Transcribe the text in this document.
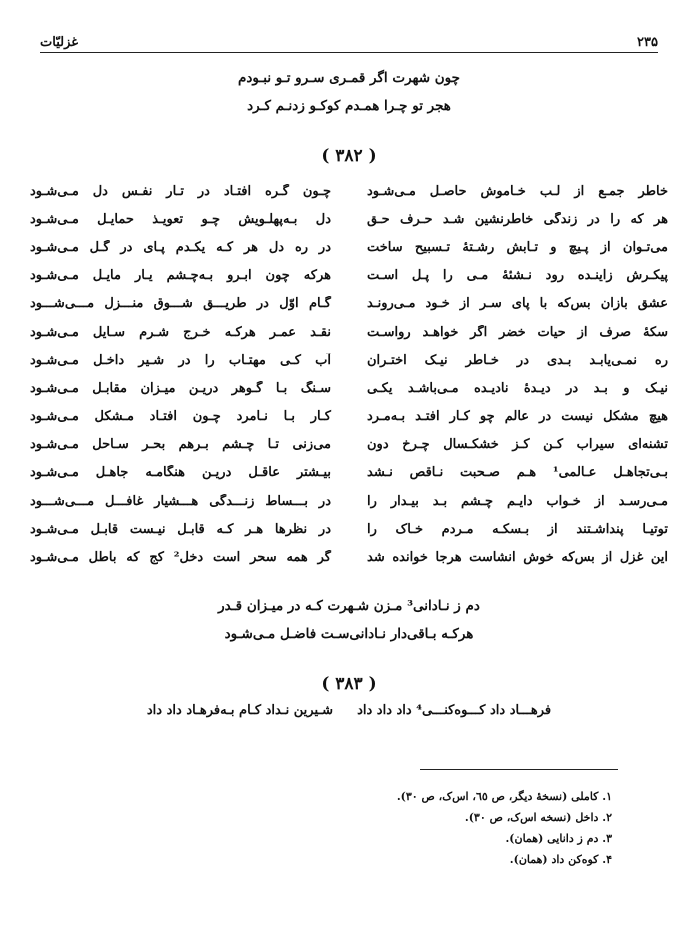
۲۳۵
غزلیّات
چون شهرت اگر قمـری سـرو تـو نبـودم
هجر تو چـرا همـدم کوکـو زدنـم کـرد
( ۳۸۲ )
خاطر جمـع از لـب خـاموش حاصـل مـی‌شـود
چـون گـره افتـاد در تـار نفـس دل مـی‌شـود
هر که را در زندگی خاطرنشین شـد حـرف حـق
دل بـه‌پهلـویش چـو تعویـذ حمایـل مـی‌شـود
می‌تـوان از پـیچ و تـابش رشـتۀ تـسبیح ساخت
در ره دل هر کـه یکـدم پـای در گـل مـی‌شـود
پیکـرش زاینـده رود نـشئۀ مـی را پـل اسـت
هرکه چون ابـرو بـه‌چـشم یـار مایـل مـی‌شـود
عشق بازان بس‌که با پای سـر از خـود مـی‌رونـد
گـام اوّل در طریـــق شـــوق منـــزل مـــی‌شـــود
سکۀ صرف از حیات خضر اگر خواهـد رواسـت
نقـد عمـر هرکـه خـرج شـرم سـایل مـی‌شـود
ره نمـی‌یابـد بـدی در خـاطر نیـک اختـران
آب کـی مهتـاب را در شـیر داخـل مـی‌شـود
نیـک و بـد در دیـدۀ نادیـده مـی‌باشـد یکـی
سـنگ بـا گـوهر دریـن میـزان مقابـل مـی‌شـود
هیچ مشکل نیست در عالم چو کـار افتـد بـه‌مـرد
کـار بـا نـامرد چـون افتـاد مـشکل مـی‌شـود
تشنه‌ای سیراب کـن کـز خشکـسال چـرخ دون
می‌زنی تـا چـشم بـرهم بحـر سـاحل مـی‌شـود
بـی‌تجاهـل عـالمی¹ هـم صـحبت نـاقص نـشد
بیـشتر عاقـل دریـن هنگامـه جاهـل مـی‌شـود
مـی‌رسـد از خـواب دایـم چـشم بـد بیـدار را
در بـــساط زنـــدگی هـــشیار غافـــل مـــی‌شـــود
توتیـا پنداشـتند از بـسکـه مـردم خـاک را
در نظرها هـر کـه قابـل نیـست قابـل مـی‌شـود
این غزل از بس‌که خوش انشاست هرجا خوانده شد
گر همه سحر است دخل² کج که باطل مـی‌شـود
دم ز نـادانی³ مـزن شـهرت کـه در میـزان قـدر
هرکـه بـاقی‌دار نـادانی‌سـت فاضـل مـی‌شـود
( ۳۸۳ )
فرهـــاد داد کـــوه‌کنـــی⁴ داد داد داد
شـیرین نـداد کـام بـه‌فرهـاد داد داد
۱. کاملی (نسخۀ دیگر، ص ٦٥، اس‌ک، ص ۳۰).
۲. داخل (نسخه اس‌ک، ص ۳۰).
۳. دم ز دانایی (همان).
۴. کوه‌کن داد (همان).
